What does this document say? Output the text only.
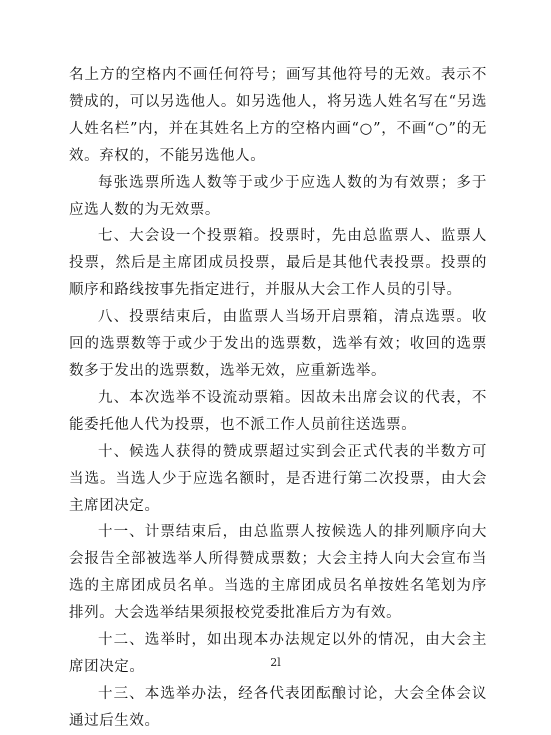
名上方的空格内不画任何符号；画写其他符号的无效。表示不赞成的，可以另选他人。如另选他人，将另选人姓名写在“另选人姓名栏”内，并在其姓名上方的空格内画“○”，不画“○”的无效。弃权的，不能另选他人。

每张选票所选人数等于或少于应选人数的为有效票；多于应选人数的为无效票。

七、大会设一个投票箱。投票时，先由总监票人、监票人投票，然后是主席团成员投票，最后是其他代表投票。投票的顺序和路线按事先指定进行，并服从大会工作人员的引导。

八、投票结束后，由监票人当场开启票箱，清点选票。收回的选票数等于或少于发出的选票数，选举有效；收回的选票数多于发出的选票数，选举无效，应重新选举。

九、本次选举不设流动票箱。因故未出席会议的代表，不能委托他人代为投票，也不派工作人员前往送选票。

十、候选人获得的赞成票超过实到会正式代表的半数方可当选。当选人少于应选名额时，是否进行第二次投票，由大会主席团决定。

十一、计票结束后，由总监票人按候选人的排列顺序向大会报告全部被选举人所得赞成票数；大会主持人向大会宣布当选的主席团成员名单。当选的主席团成员名单按姓名笔划为序排列。大会选举结果须报校党委批准后方为有效。

十二、选举时，如出现本办法规定以外的情况，由大会主席团决定。

十三、本选举办法，经各代表团酝酿讨论，大会全体会议通过后生效。

2l
